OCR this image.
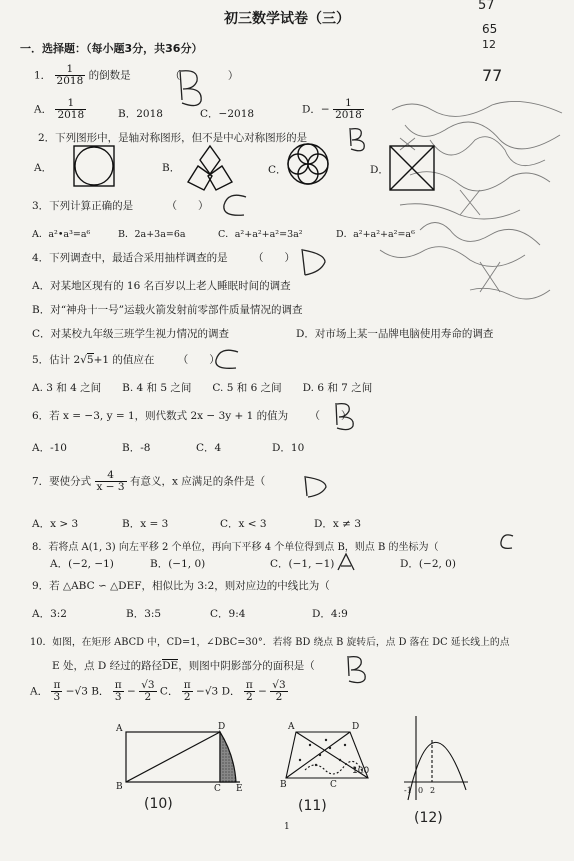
初三数学试卷（三）
一．选择题：（每小题3分，共36分）
57
65
12
77
1． $\frac{1}{2018}$ 的倒数是	（	）
A． $\frac{1}{2018}$	B．2018	C．−2018	D．− $\frac{1}{2018}$
2．下列图形中，是轴对称图形，但不是中心对称图形的是
A．	B．	C．	D．
3．下列计算正确的是	（　　）
A．a²•a³=a⁶	B．2a+3a=6a	C．a²+a²+a²=3a²	D．a²+a²+a²=a⁶
4．下列调查中，最适合采用抽样调查的是 （　　）
A．对某地区现有的 16 名百岁以上老人睡眠时间的调查
B．对“神舟十一号”运载火箭发射前零部件质量情况的调查
C．对某校九年级三班学生视力情况的调查	D．对市场上某一品牌电脑使用寿命的调查
5．估计 2√5+1 的值应在 （　　）
A. 3 和 4 之间　　B. 4 和 5 之间　　C. 5 和 6 之间　　D. 6 和 7 之间
6．若 x = −3, y = 1，则代数式 2x − 3y + 1 的值为 （　　）
A．-10	B．-8	C．4	D．10
7．要使分式 $\frac{4}{x - 3}$ 有意义，x 应满足的条件是（
A．x > 3	B．x = 3	C．x < 3	D．x ≠ 3
8．若将点 A(1, 3) 向左平移 2 个单位，再向下平移 4 个单位得到点 B，则点 B 的坐标为（
A．(−2, −1)	B．(−1, 0)	C．(−1, −1)	D．(−2, 0)
9．若 △ABC ∽ △DEF，相似比为 3:2，则对应边的中线比为（
A．3:2	B．3:5	C．9:4	D．4:9
10．如图，在矩形 ABCD 中，CD=1，∠DBC=30°．若将 BD 绕点 B 旋转后，点 D 落在 DC 延长线上的点
E 处，点 D 经过的路径DE，则图中阴影部分的面积是（
A． $\frac{\pi}{3} -√3$ B． $\frac{\pi}{3} - \frac{√3}{2}$ C． $\frac{\pi}{2} -√3$ D． $\frac{\pi}{2} - \frac{√3}{2}$
A
B	C
D
E
(10)
A
B	C
D
100
(11)
-1 0 2
(12)
1
